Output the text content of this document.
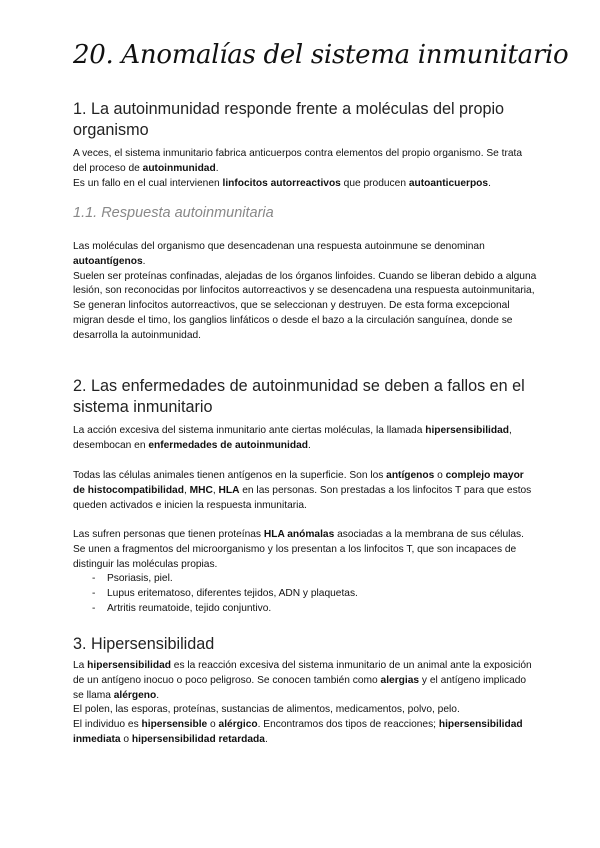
20. Anomalías del sistema inmunitario
1. La autoinmunidad responde frente a moléculas del propio organismo

A veces, el sistema inmunitario fabrica anticuerpos contra elementos del propio organismo. Se trata del proceso de autoinmunidad.
Es un fallo en el cual intervienen linfocitos autorreactivos que producen autoanticuerpos.

1.1. Respuesta autoinmunitaria

Las moléculas del organismo que desencadenan una respuesta autoinmune se denominan autoantígenos.
Suelen ser proteínas confinadas, alejadas de los órganos linfoides. Cuando se liberan debido a alguna lesión, son reconocidas por linfocitos autorreactivos y se desencadena una respuesta autoinmunitaria,
Se generan linfocitos autorreactivos, que se seleccionan y destruyen. De esta forma excepcional migran desde el timo, los ganglios linfáticos o desde el bazo a la circulación sanguínea, donde se desarrolla la autoinmunidad.

2. Las enfermedades de autoinmunidad se deben a fallos en el sistema inmunitario

La acción excesiva del sistema inmunitario ante ciertas moléculas, la llamada hipersensibilidad, desembocan en enfermedades de autoinmunidad.

Todas las células animales tienen antígenos en la superficie. Son los antígenos o complejo mayor de histocompatibilidad, MHC, HLA en las personas. Son prestadas a los linfocitos T para que estos queden activados e inicien la respuesta inmunitaria.

Las sufren personas que tienen proteínas HLA anómalas asociadas a la membrana de sus células. Se unen a fragmentos del microorganismo y los presentan a los linfocitos T, que son incapaces de distinguir las moléculas propias.

- Psoriasis, piel.
- Lupus eritematoso, diferentes tejidos, ADN y plaquetas.
- Artritis reumatoide, tejido conjuntivo.
3. Hipersensibilidad

La hipersensibilidad es la reacción excesiva del sistema inmunitario de un animal ante la exposición de un antígeno inocuo o poco peligroso. Se conocen también como alergias y el antígeno implicado se llama alérgeno.
El polen, las esporas, proteínas, sustancias de alimentos, medicamentos, polvo, pelo.
El individuo es hipersensible o alérgico. Encontramos dos tipos de reacciones; hipersensibilidad inmediata o hipersensibilidad retardada.
